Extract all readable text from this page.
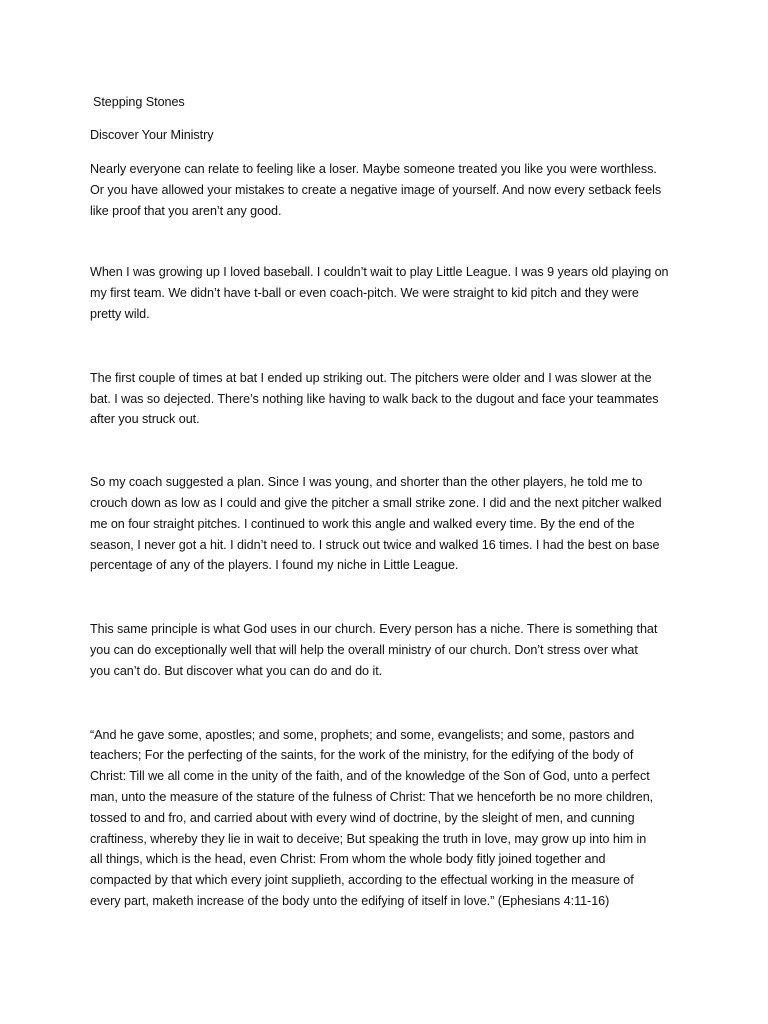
Stepping Stones
Discover Your Ministry

Nearly everyone can relate to feeling like a loser. Maybe someone treated you like you were worthless.
Or you have allowed your mistakes to create a negative image of yourself. And now every setback feels
like proof that you aren’t any good.

When I was growing up I loved baseball. I couldn’t wait to play Little League. I was 9 years old playing on
my first team. We didn’t have t-ball or even coach-pitch. We were straight to kid pitch and they were
pretty wild.

The first couple of times at bat I ended up striking out. The pitchers were older and I was slower at the
bat. I was so dejected. There’s nothing like having to walk back to the dugout and face your teammates
after you struck out.

So my coach suggested a plan. Since I was young, and shorter than the other players, he told me to
crouch down as low as I could and give the pitcher a small strike zone. I did and the next pitcher walked
me on four straight pitches. I continued to work this angle and walked every time. By the end of the
season, I never got a hit. I didn’t need to. I struck out twice and walked 16 times. I had the best on base
percentage of any of the players. I found my niche in Little League.

This same principle is what God uses in our church. Every person has a niche. There is something that
you can do exceptionally well that will help the overall ministry of our church. Don’t stress over what
you can’t do. But discover what you can do and do it.

“And he gave some, apostles; and some, prophets; and some, evangelists; and some, pastors and
teachers; For the perfecting of the saints, for the work of the ministry, for the edifying of the body of
Christ: Till we all come in the unity of the faith, and of the knowledge of the Son of God, unto a perfect
man, unto the measure of the stature of the fulness of Christ: That we henceforth be no more children,
tossed to and fro, and carried about with every wind of doctrine, by the sleight of men, and cunning
craftiness, whereby they lie in wait to deceive; But speaking the truth in love, may grow up into him in
all things, which is the head, even Christ: From whom the whole body fitly joined together and
compacted by that which every joint supplieth, according to the effectual working in the measure of
every part, maketh increase of the body unto the edifying of itself in love.” (Ephesians 4:11-16)
